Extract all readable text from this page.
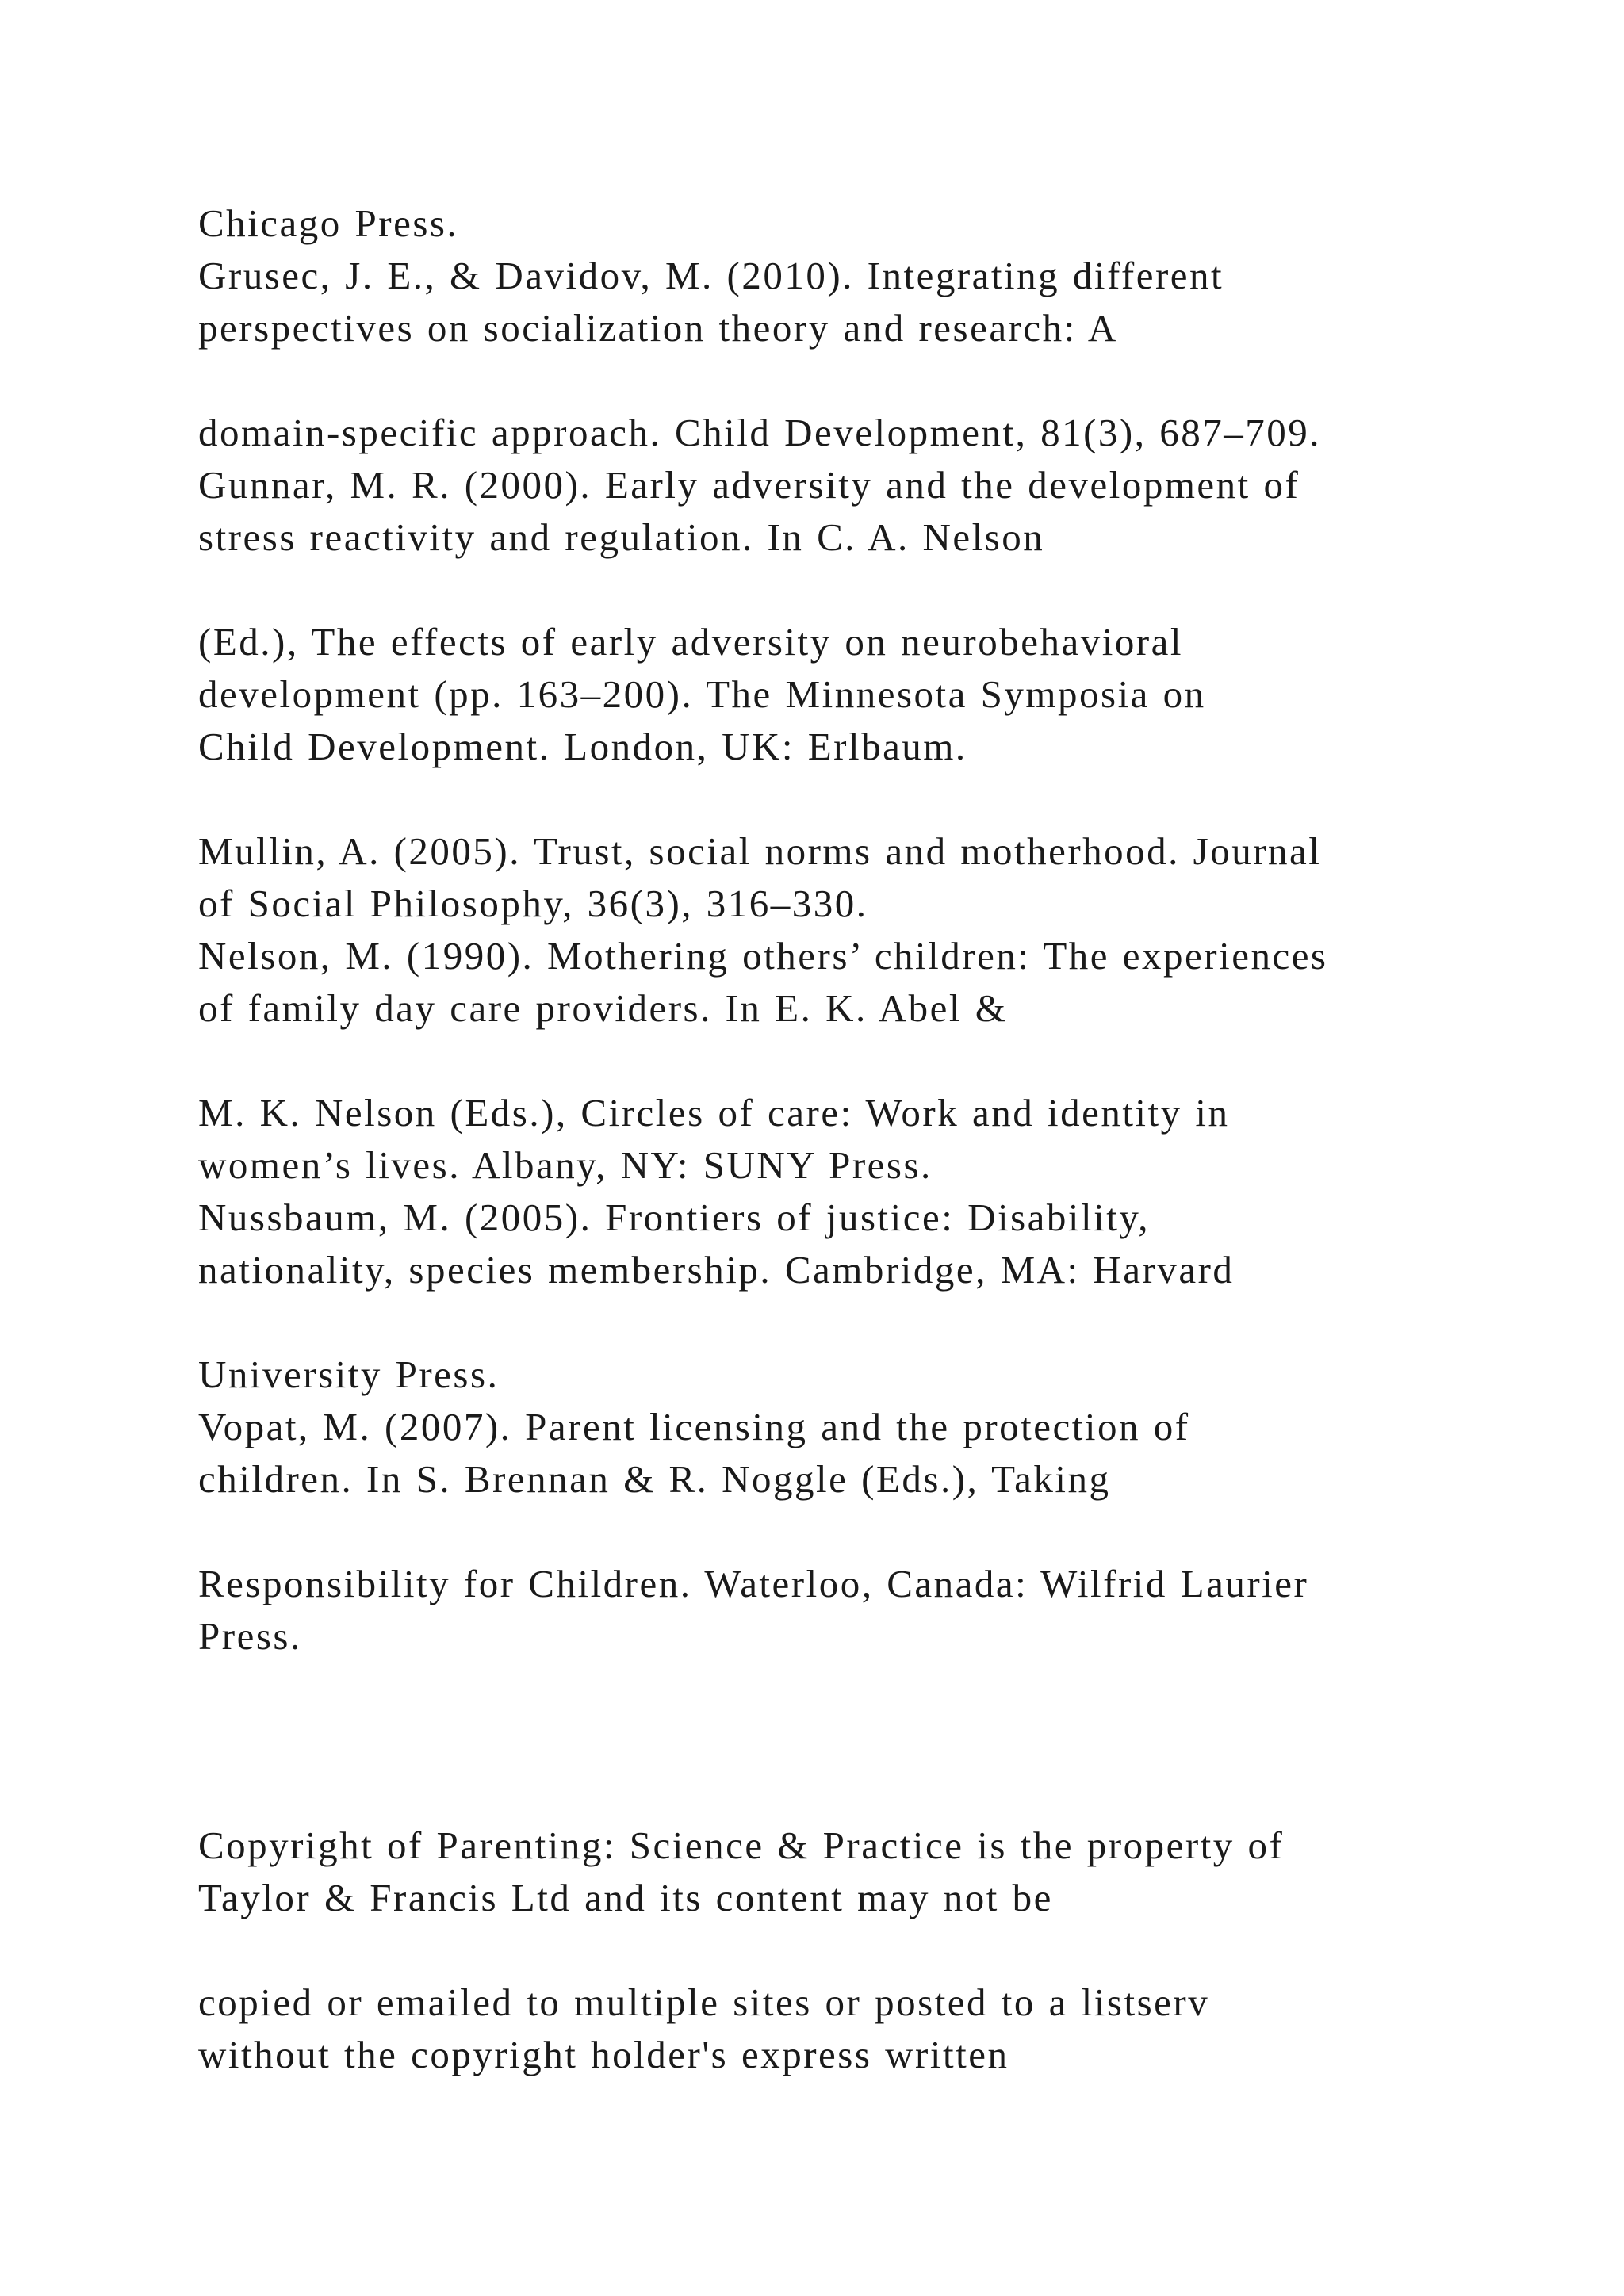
Chicago Press.
Grusec, J. E., & Davidov, M. (2010). Integrating different
perspectives on socialization theory and research: A
domain-specific approach. Child Development, 81(3), 687–709.
Gunnar, M. R. (2000). Early adversity and the development of
stress reactivity and regulation. In C. A. Nelson
(Ed.), The effects of early adversity on neurobehavioral
development (pp. 163–200). The Minnesota Symposia on
Child Development. London, UK: Erlbaum.
Mullin, A. (2005). Trust, social norms and motherhood. Journal
of Social Philosophy, 36(3), 316–330.
Nelson, M. (1990). Mothering others’ children: The experiences
of family day care providers. In E. K. Abel &
M. K. Nelson (Eds.), Circles of care: Work and identity in
women’s lives. Albany, NY: SUNY Press.
Nussbaum, M. (2005). Frontiers of justice: Disability,
nationality, species membership. Cambridge, MA: Harvard
University Press.
Vopat, M. (2007). Parent licensing and the protection of
children. In S. Brennan & R. Noggle (Eds.), Taking
Responsibility for Children. Waterloo, Canada: Wilfrid Laurier
Press.
Copyright of Parenting: Science & Practice is the property of
Taylor & Francis Ltd and its content may not be
copied or emailed to multiple sites or posted to a listserv
without the copyright holder's express written
